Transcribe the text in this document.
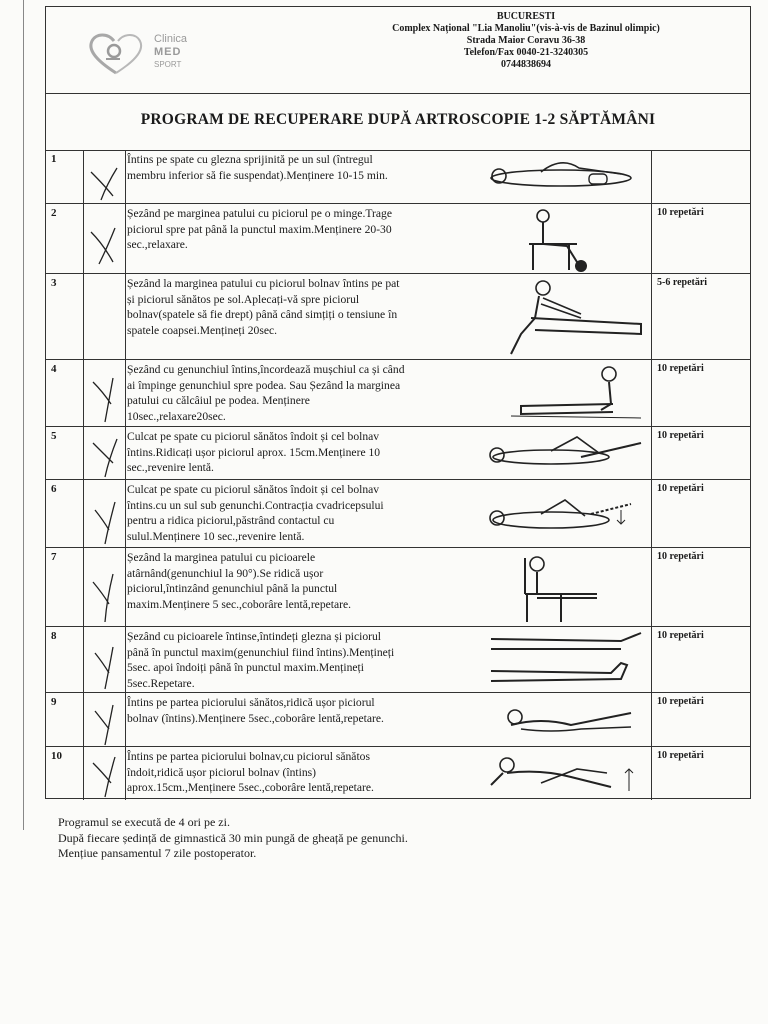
Clinica
MED
SPORT
BUCURESTI
Complex Național "Lia Manoliu"(vis-à-vis de Bazinul olimpic)
Strada Maior Coravu 36-38
Telefon/Fax 0040-21-3240305
0744838694
PROGRAM DE RECUPERARE DUPĂ ARTROSCOPIE 1-2 SĂPTĂMÂNI
1	Întins pe spate cu glezna sprijinită pe un sul (întregul membru inferior să fie suspendat).Menținere 10-15 min.

2	Șezând pe marginea patului cu piciorul pe o minge.Trage piciorul spre pat până la punctul maxim.Menținere 20-30 sec.,relaxare.

10 repetări
3	Șezând la marginea patului cu piciorul bolnav întins pe pat și piciorul sănătos pe sol.Aplecați-vă spre piciorul bolnav(spatele să fie drept) până când simțiți o tensiune în spatele coapsei.Mențineți 20sec.

5-6 repetări
4	Șezând cu genunchiul întins,încordează mușchiul ca și când ai împinge genunchiul spre podea. Sau Șezând la marginea patului cu călcâiul pe podea. Menținere 10sec.,relaxare20sec.

10 repetări
5	Culcat pe spate cu piciorul sănătos îndoit și cel bolnav întins.Ridicați ușor piciorul aprox. 15cm.Menținere 10 sec.,revenire lentă.

10 repetări
6	Culcat pe spate cu piciorul sănătos îndoit și cel bolnav întins.cu un sul sub genunchi.Contracția cvadricepsului pentru a ridica piciorul,păstrând contactul cu sulul.Menținere 10 sec.,revenire lentă.

10 repetări
7	Șezând la marginea patului cu picioarele atârnând(genunchiul la 90°).Se ridică ușor piciorul,întinzând genunchiul până la punctul maxim.Menținere 5 sec.,coborâre lentă,repetare.

10 repetări
8	Șezând cu picioarele întinse,întindeți glezna și piciorul până în punctul maxim(genunchiul fiind întins).Mențineți 5sec. apoi îndoiți până în punctul maxim.Mențineți 5sec.Repetare.

10 repetări
9	Întins pe partea piciorului sănătos,ridică ușor piciorul bolnav (întins).Menținere 5sec.,coborâre lentă,repetare.

10 repetări
10	Întins pe partea piciorului bolnav,cu piciorul sănătos îndoit,ridică ușor piciorul bolnav (întins) aprox.15cm.,Menținere 5sec.,coborâre lentă,repetare.

10 repetări
Programul se execută de 4 ori pe zi.
După fiecare ședință de gimnastică 30 min pungă de gheață pe genunchi.
Mențiue pansamentul 7 zile postoperator.
